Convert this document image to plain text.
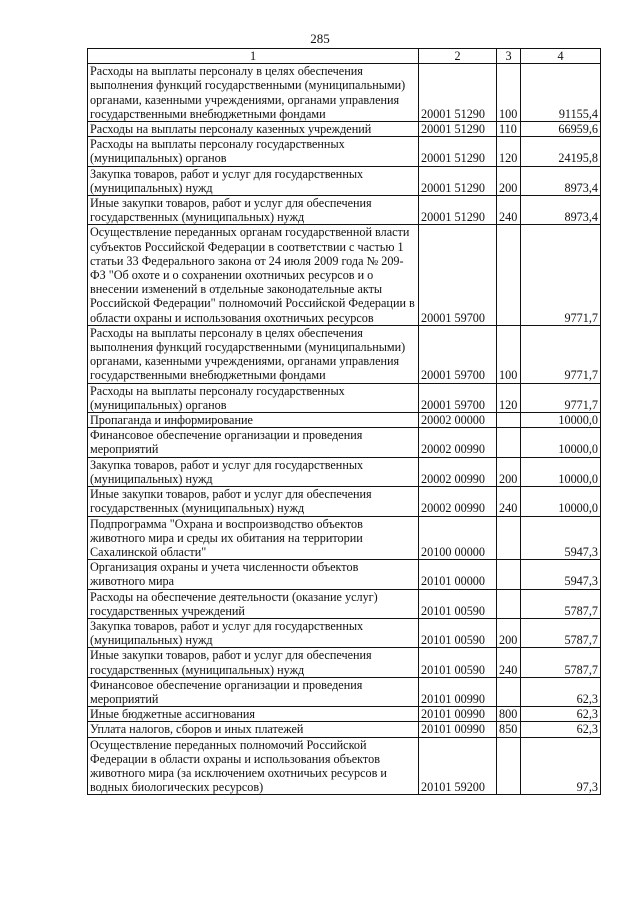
285
1	2	3	4
Расходы на выплаты персоналу в целях обеспечения выполнения функций государственными (муниципальными) органами, казенными учреждениями, органами управления государственными внебюджетными фондами	20001 51290	100	91155,4
Расходы на выплаты персоналу казенных учреждений	20001 51290	110	66959,6
Расходы на выплаты персоналу государственных (муниципальных) органов	20001 51290	120	24195,8
Закупка товаров, работ и услуг для государственных (муниципальных) нужд	20001 51290	200	8973,4
Иные закупки товаров, работ и услуг для обеспечения государственных (муниципальных) нужд	20001 51290	240	8973,4
Осуществление переданных органам государственной власти субъектов Российской Федерации в соответствии с частью 1 статьи 33 Федерального закона от 24 июля 2009 года № 209-ФЗ "Об охоте и о сохранении охотничьих ресурсов и о внесении изменений в отдельные законодательные акты Российской Федерации" полномочий Российской Федерации в области охраны и использования охотничьих ресурсов	20001 59700		9771,7
Расходы на выплаты персоналу в целях обеспечения выполнения функций государственными (муниципальными) органами, казенными учреждениями, органами управления государственными внебюджетными фондами	20001 59700	100	9771,7
Расходы на выплаты персоналу государственных (муниципальных) органов	20001 59700	120	9771,7
Пропаганда и информирование	20002 00000		10000,0
Финансовое обеспечение организации и проведения мероприятий	20002 00990		10000,0
Закупка товаров, работ и услуг для государственных (муниципальных) нужд	20002 00990	200	10000,0
Иные закупки товаров, работ и услуг для обеспечения государственных (муниципальных) нужд	20002 00990	240	10000,0
Подпрограмма "Охрана и воспроизводство объектов животного мира и среды их обитания на территории Сахалинской области"	20100 00000		5947,3
Организация охраны и учета численности объектов животного мира	20101 00000		5947,3
Расходы на обеспечение деятельности (оказание услуг) государственных учреждений	20101 00590		5787,7
Закупка товаров, работ и услуг для государственных (муниципальных) нужд	20101 00590	200	5787,7
Иные закупки товаров, работ и услуг для обеспечения государственных (муниципальных) нужд	20101 00590	240	5787,7
Финансовое обеспечение организации и проведения мероприятий	20101 00990		62,3
Иные бюджетные ассигнования	20101 00990	800	62,3
Уплата налогов, сборов и иных платежей	20101 00990	850	62,3
Осуществление переданных полномочий Российской Федерации в области охраны и использования объектов животного мира (за исключением охотничьих ресурсов и водных биологических ресурсов)	20101 59200		97,3
